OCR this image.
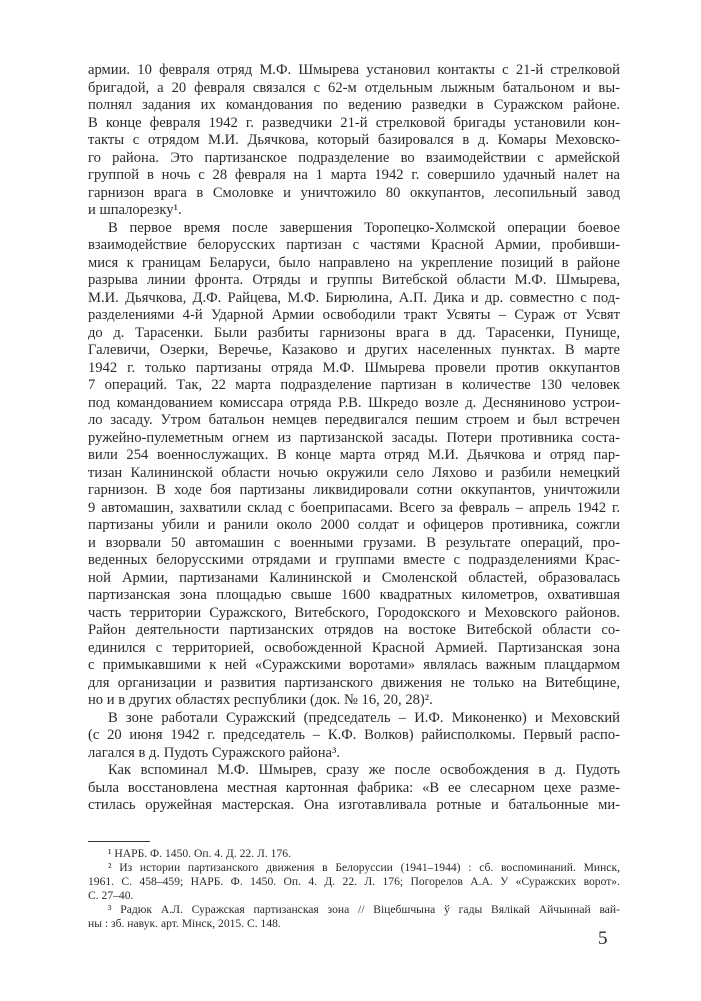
армии. 10 февраля отряд М.Ф. Шмырева установил контакты с 21-й стрелковой
бригадой, а 20 февраля связался с 62-м отдельным лыжным батальоном и вы-
полнял задания их командования по ведению разведки в Суражском районе.
В конце февраля 1942 г. разведчики 21-й стрелковой бригады установили кон-
такты с отрядом М.И. Дьячкова, который базировался в д. Комары Меховско-
го района. Это партизанское подразделение во взаимодействии с армейской
группой в ночь с 28 февраля на 1 марта 1942 г. совершило удачный налет на
гарнизон врага в Смоловке и уничтожило 80 оккупантов, лесопильный завод
и шпалорезку¹.
В первое время после завершения Торопецко-Холмской операции боевое
взаимодействие белорусских партизан с частями Красной Армии, пробивши-
мися к границам Беларуси, было направлено на укрепление позиций в районе
разрыва линии фронта. Отряды и группы Витебской области М.Ф. Шмырева,
М.И. Дьячкова, Д.Ф. Райцева, М.Ф. Бирюлина, А.П. Дика и др. совместно с под-
разделениями 4-й Ударной Армии освободили тракт Усвяты – Сураж от Усвят
до д. Тарасенки. Были разбиты гарнизоны врага в дд. Тарасенки, Пунище,
Галевичи, Озерки, Веречье, Казаково и других населенных пунктах. В марте
1942 г. только партизаны отряда М.Ф. Шмырева провели против оккупантов
7 операций. Так, 22 марта подразделение партизан в количестве 130 человек
под командованием комиссара отряда Р.В. Шкредо возле д. Десняниново устрои-
ло засаду. Утром батальон немцев передвигался пешим строем и был встречен
ружейно-пулеметным огнем из партизанской засады. Потери противника соста-
вили 254 военнослужащих. В конце марта отряд М.И. Дьячкова и отряд пар-
тизан Калининской области ночью окружили село Ляхово и разбили немецкий
гарнизон. В ходе боя партизаны ликвидировали сотни оккупантов, уничтожили
9 автомашин, захватили склад с боеприпасами. Всего за февраль – апрель 1942 г.
партизаны убили и ранили около 2000 солдат и офицеров противника, сожгли
и взорвали 50 автомашин с военными грузами. В результате операций, про-
веденных белорусскими отрядами и группами вместе с подразделениями Крас-
ной Армии, партизанами Калининской и Смоленской областей, образовалась
партизанская зона площадью свыше 1600 квадратных километров, охватившая
часть территории Суражского, Витебского, Городокского и Меховского районов.
Район деятельности партизанских отрядов на востоке Витебской области со-
единился с территорией, освобожденной Красной Армией. Партизанская зона
с примыкавшими к ней «Суражскими воротами» являлась важным плацдармом
для организации и развития партизанского движения не только на Витебщине,
но и в других областях республики (док. № 16, 20, 28)².
В зоне работали Суражский (председатель – И.Ф. Миконенко) и Меховский
(с 20 июня 1942 г. председатель – К.Ф. Волков) райисполкомы. Первый распо-
лагался в д. Пудоть Суражского района³.
Как вспоминал М.Ф. Шмырев, сразу же после освобождения в д. Пудоть
была восстановлена местная картонная фабрика: «В ее слесарном цехе разме-
стилась оружейная мастерская. Она изготавливала ротные и батальонные ми-
¹ НАРБ. Ф. 1450. Оп. 4. Д. 22. Л. 176.
² Из истории партизанского движения в Белоруссии (1941–1944) : сб. воспоминаний. Минск,
1961. С. 458–459; НАРБ. Ф. 1450. Оп. 4. Д. 22. Л. 176; Погорелов А.А. У «Суражских ворот».
С. 27–40.
³ Радюк А.Л. Суражская партизанская зона // Віцебшчына ў гады Вялікай Айчыннай вай-
ны : зб. навук. арт. Мінск, 2015. С. 148.
5
